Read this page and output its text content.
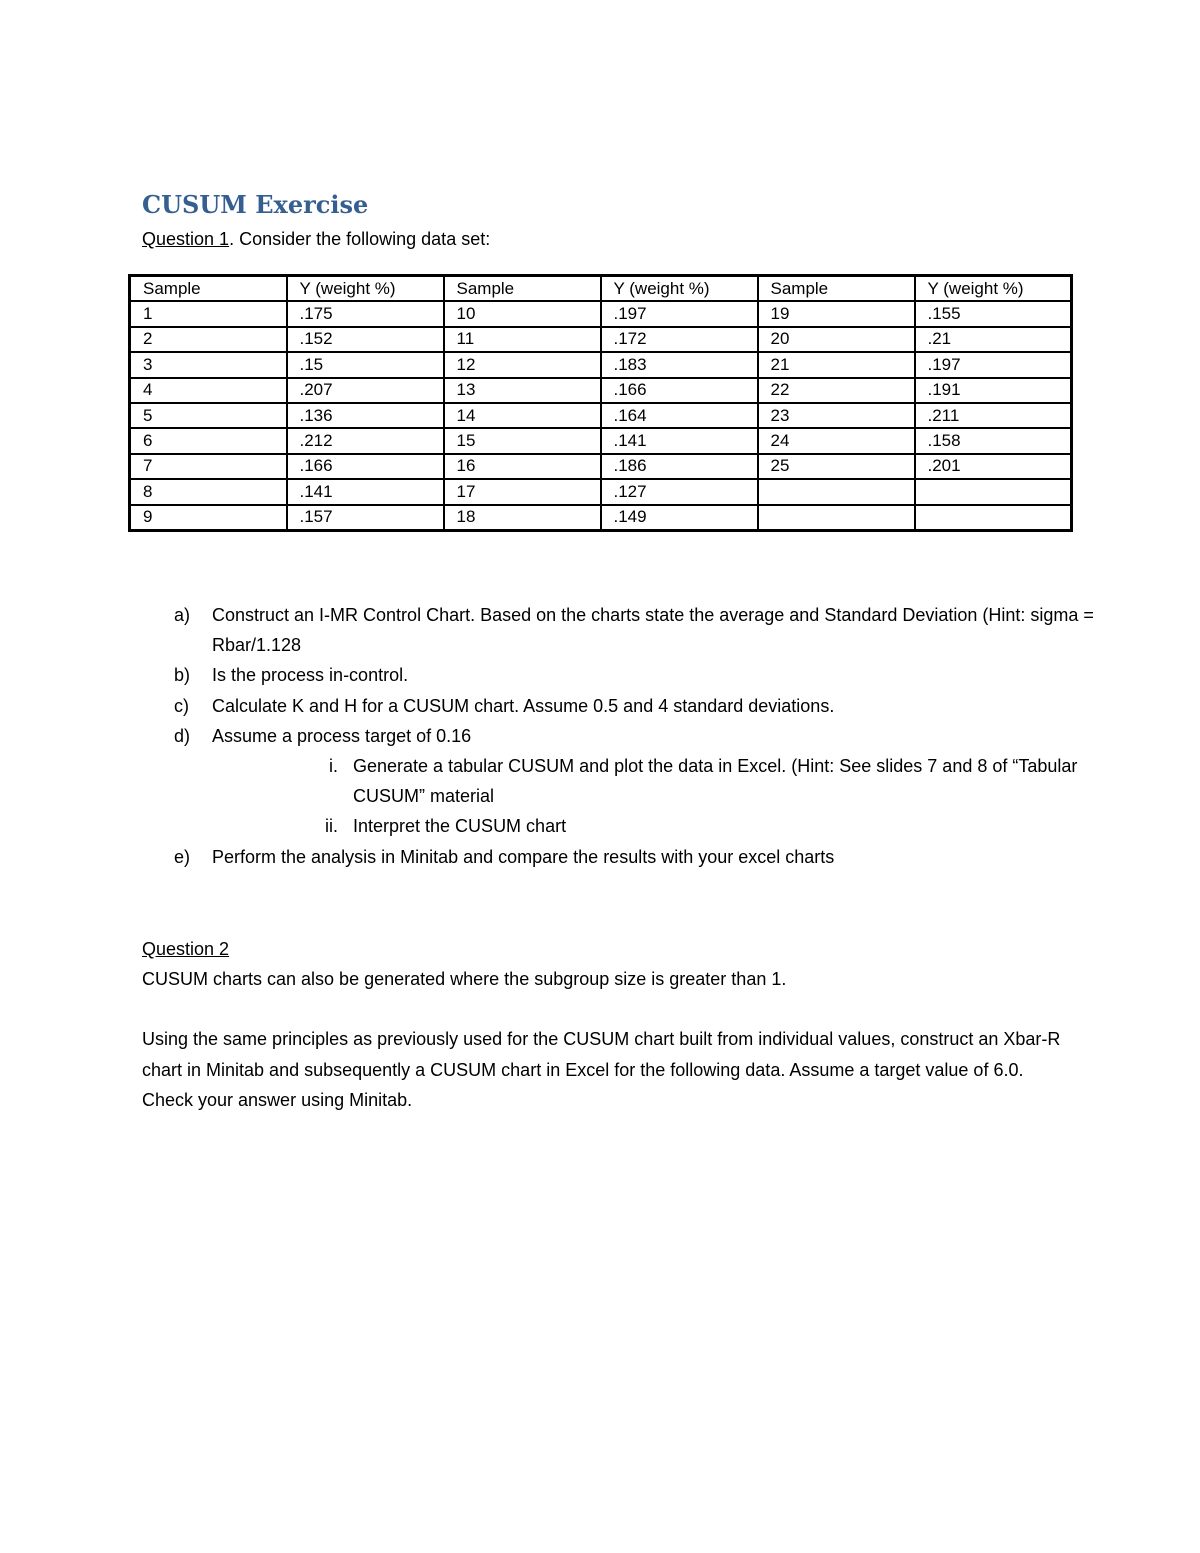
CUSUM Exercise
Question 1. Consider the following data set:
Sample	Y (weight %)	Sample	Y (weight %)	Sample	Y (weight %)
1	.175	10	.197	19	.155
2	.152	11	.172	20	.21
3	.15	12	.183	21	.197
4	.207	13	.166	22	.191
5	.136	14	.164	23	.211
6	.212	15	.141	24	.158
7	.166	16	.186	25	.201
8	.141	17	.127		
9	.157	18	.149		
a) Construct an I-MR Control Chart. Based on the charts state the average and Standard Deviation (Hint: sigma = Rbar/1.128
b) Is the process in-control.
c) Calculate K and H for a CUSUM chart. Assume 0.5 and 4 standard deviations.
d) Assume a process target of 0.16
i. Generate a tabular CUSUM and plot the data in Excel. (Hint: See slides 7 and 8 of “Tabular CUSUM” material
ii. Interpret the CUSUM chart
e) Perform the analysis in Minitab and compare the results with your excel charts

Question 2

CUSUM charts can also be generated where the subgroup size is greater than 1.

Using the same principles as previously used for the CUSUM chart built from individual values, construct an Xbar-R chart in Minitab and subsequently a CUSUM chart in Excel for the following data. Assume a target value of 6.0.

Check your answer using Minitab.
